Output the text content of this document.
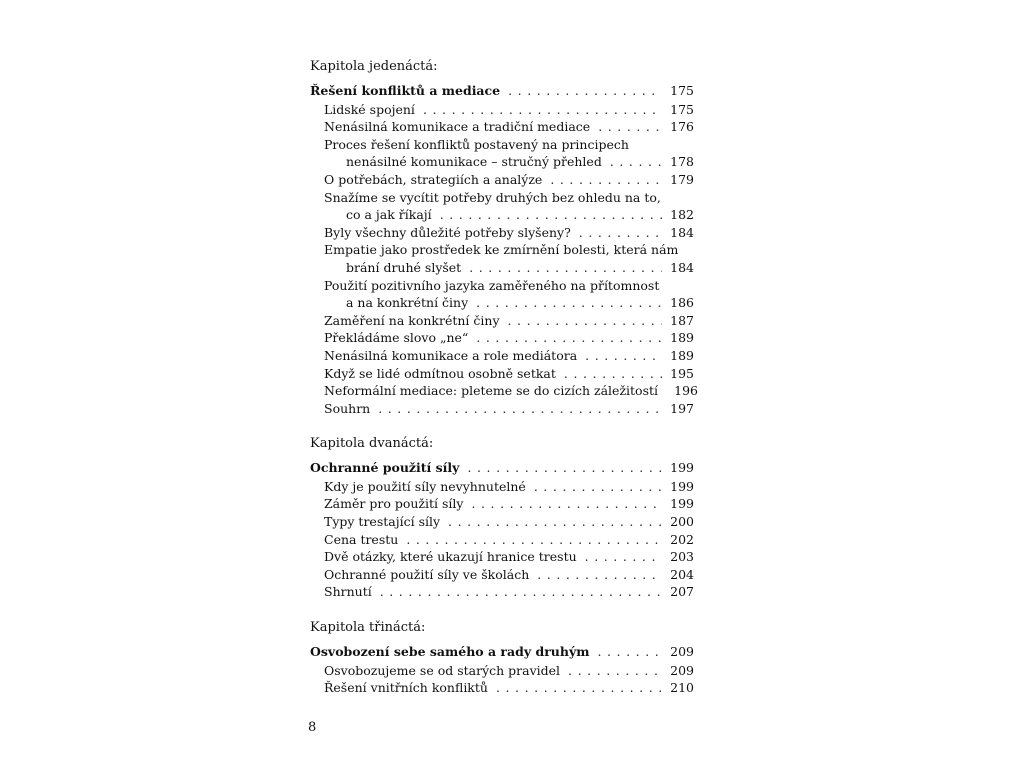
Kapitola jedenáctá:
Řešení konfliktů a mediace . . .	175
Lidské spojení . . .	175
Nenásilná komunikace a tradiční mediace . . .	176
Proces řešení konfliktů postavený na principech
nenásilné komunikace – stručný přehled . . .	178
O potřebách, strategiích a analýze . . .	179
Snažíme se vycítit potřeby druhých bez ohledu na to,
co a jak říkají . . .	182
Byly všechny důležité potřeby slyšeny? . . .	184
Empatie jako prostředek ke zmírnění bolesti, která nám
brání druhé slyšet . . .	184
Použití pozitivního jazyka zaměřeného na přítomnost
a na konkrétní činy . . .	186
Zaměření na konkrétní činy . . .	187
Překládáme slovo „ne“ . . .	189
Nenásilná komunikace a role mediátora . . .	189
Když se lidé odmítnou osobně setkat . . .	195
Neformální mediace: pleteme se do cizích záležitostí 196
Souhrn . . .	197
Kapitola dvanáctá:
Ochranné použití síly . . .	199
Kdy je použití síly nevyhnutelné . . .	199
Záměr pro použití síly . . .	199
Typy trestající síly . . .	200
Cena trestu . . .	202
Dvě otázky, které ukazují hranice trestu . . .	203
Ochranné použití síly ve školách . . .	204
Shrnutí . . .	207
Kapitola třináctá:
Osvobození sebe samého a rady druhým . . .	209
Osvobozujeme se od starých pravidel . . .	209
Řešení vnitřních konfliktů . . .	210
8
